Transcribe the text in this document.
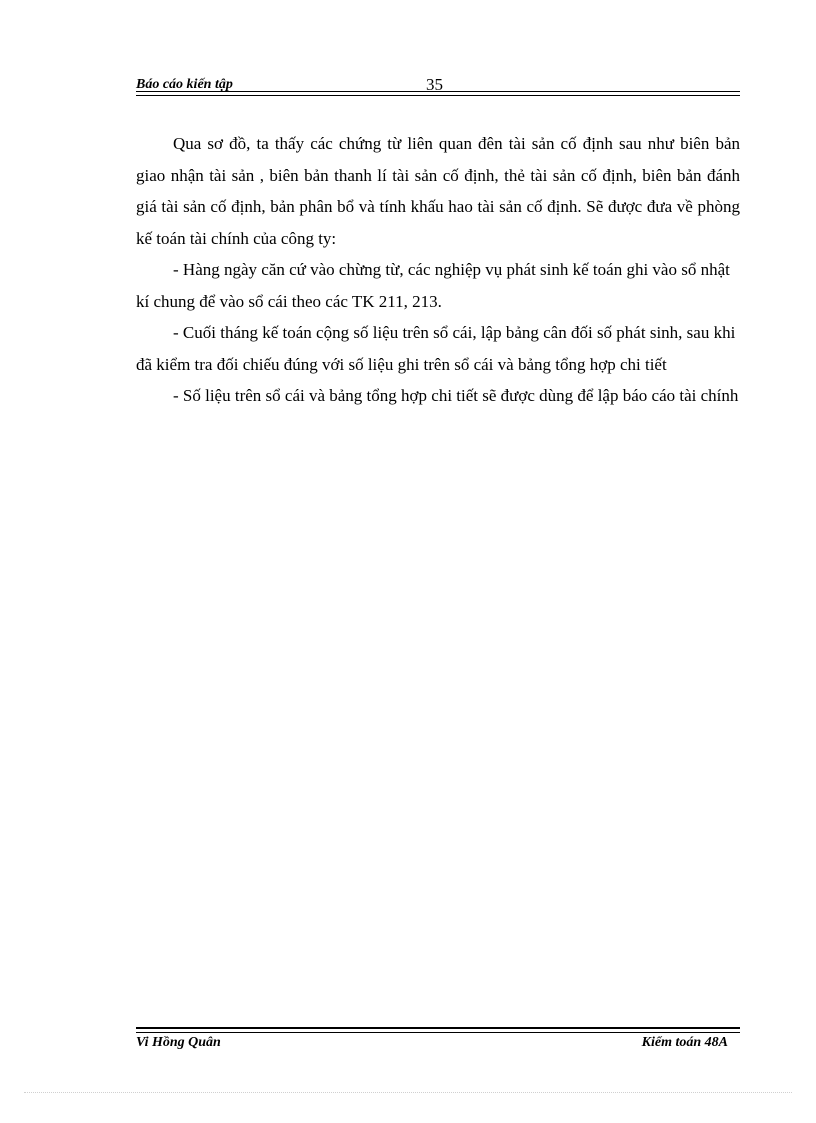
Báo cáo kiến tập	35

Qua sơ đồ, ta thấy các chứng từ liên quan đên tài sản cố định sau như biên bản giao nhận tài sản , biên bản thanh lí tài sản cố định, thẻ tài sản cố định, biên bản đánh giá tài sản cố định, bản phân bổ và tính khấu hao tài sản cố định. Sẽ được đưa về phòng kế toán tài chính của công ty:

- Hàng ngày căn cứ vào chừng từ, các nghiệp vụ phát sinh kế toán ghi vào sổ nhật kí chung để vào sổ cái theo các TK 211, 213.

- Cuối tháng kế toán cộng số liệu trên sổ cái, lập bảng cân đối số phát sinh, sau khi đã kiểm tra đối chiếu đúng với số liệu ghi trên sổ cái và bảng tổng hợp chi tiết

- Số liệu trên sổ cái và bảng tổng hợp chi tiết sẽ được dùng để lập báo cáo tài chính

Vi Hồng Quân	Kiểm toán 48A
